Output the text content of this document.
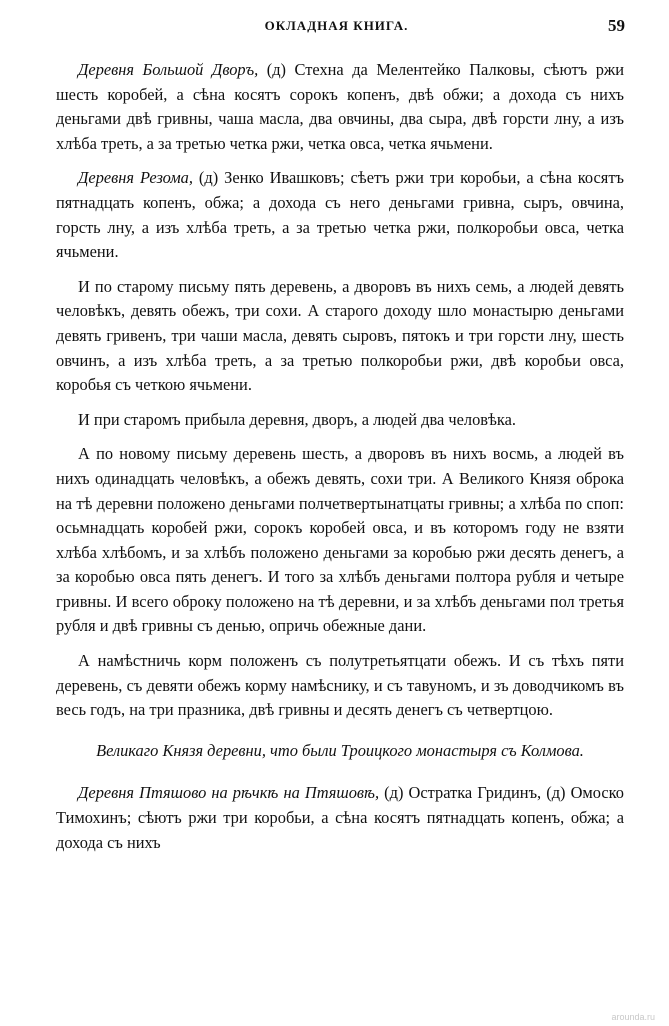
ОКЛАДНАЯ КНИГА.	59

Деревня Большой Дворъ, (д) Стехна да Мелентейко Палковы, сѣютъ ржи шесть коробей, а сѣна косятъ сорокъ копенъ, двѣ обжи; а дохода съ нихъ деньгами двѣ гривны, чаша масла, два овчины, два сыра, двѣ горсти лну, а изъ хлѣба треть, а за третью четка ржи, четка овса, четка ячьмени.

Деревня Резома, (д) Зенко Ивашковъ; сѣетъ ржи три коробьи, а сѣна косятъ пятнадцать копенъ, обжа; а дохода съ него деньгами гривна, сыръ, овчина, горсть лну, а изъ хлѣба треть, а за третью четка ржи, полкоробьи овса, четка ячьмени.

И по старому письму пять деревень, а дворовъ въ нихъ семь, а людей девять человѣкъ, девять обежъ, три сохи. А старого доходу шло монастырю деньгами девять гривенъ, три чаши масла, девять сыровъ, пятокъ и три горсти лну, шесть овчинъ, а изъ хлѣба треть, а за третью полкоробьи ржи, двѣ коробьи овса, коробья съ четкою ячьмени.

И при старомъ прибыла деревня, дворъ, а людей два человѣка.

А по новому письму деревень шесть, а дворовъ въ нихъ восмь, а людей въ нихъ одинадцать человѣкъ, а обежъ девять, сохи три. А Великого Князя оброка на тѣ деревни положено деньгами полчетвертынатцаты гривны; а хлѣба по споп: осьмнадцать коробей ржи, сорокъ коробей овса, и въ которомъ году не взяти хлѣба хлѣбомъ, и за хлѣбъ положено деньгами за коробью ржи десять денегъ, а за коробью овса пять денегъ. И того за хлѣбъ деньгами полтора рубля и четыре гривны. И всего оброку положено на тѣ деревни, и за хлѣбъ деньгами пол третья рубля и двѣ гривны съ денью, опричь обежные дани.

А намѣстничь корм положенъ съ полутретьятцати обежъ. И съ тѣхъ пяти деревень, съ девяти обежъ корму намѣснику, и съ тавуномъ, и зъ доводчикомъ въ весь годъ, на три празника, двѣ гривны и десять денегъ съ четвертцою.

Великаго Князя деревни, что были Троицкого монастыря съ Колмова.

Деревня Птяшово на рѣчкѣ на Птяшовѣ, (д) Остратка Гридинъ, (д) Омоско Тимохинъ; сѣютъ ржи три коробьи, а сѣна косятъ пятнадцать копенъ, обжа; а дохода съ нихъ

arounda.ru
